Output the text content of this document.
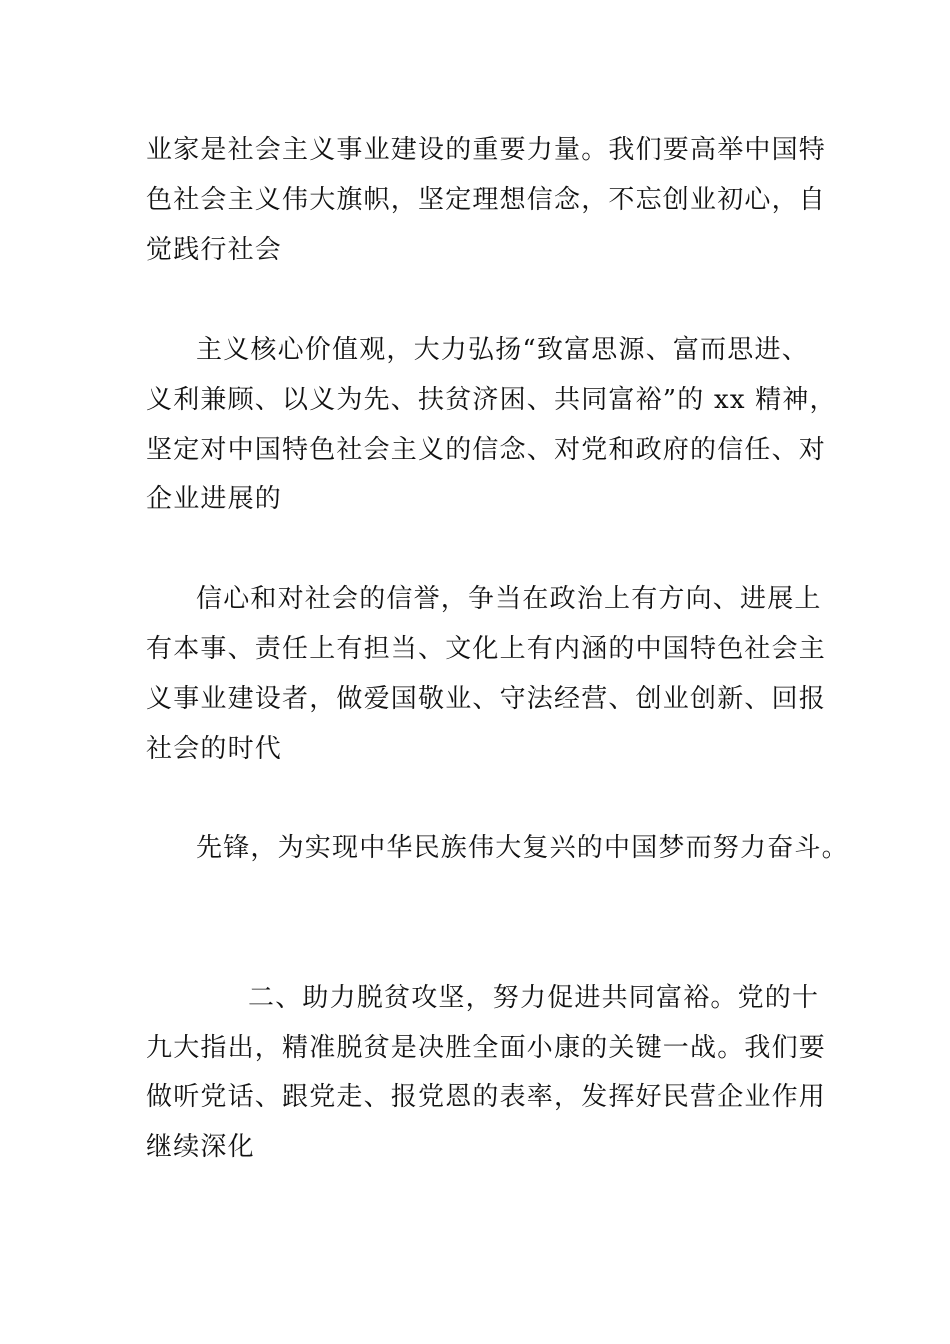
业家是社会主义事业建设的重要力量。我们要高举中国特
色社会主义伟大旗帜，坚定理想信念，不忘创业初心，自
觉践行社会
主义核心价值观，大力弘扬“致富思源、富而思进、
义利兼顾、以义为先、扶贫济困、共同富裕”的 xx 精神，
坚定对中国特色社会主义的信念、对党和政府的信任、对
企业进展的
信心和对社会的信誉，争当在政治上有方向、进展上
有本事、责任上有担当、文化上有内涵的中国特色社会主
义事业建设者，做爱国敬业、守法经营、创业创新、回报
社会的时代
先锋，为实现中华民族伟大复兴的中国梦而努力奋斗。
二、助力脱贫攻坚，努力促进共同富裕。党的十
九大指出，精准脱贫是决胜全面小康的关键一战。我们要
做听党话、跟党走、报党恩的表率，发挥好民营企业作用
继续深化
